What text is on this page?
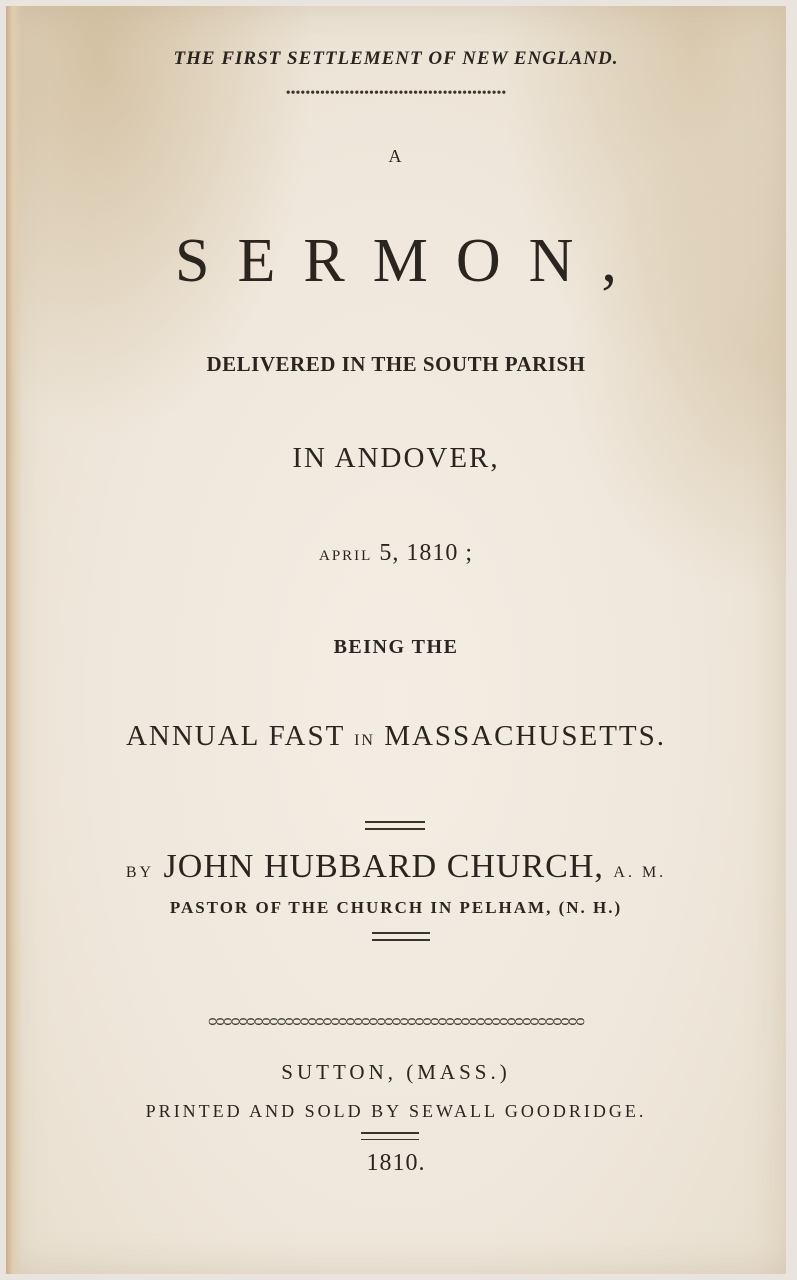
THE FIRST SETTLEMENT OF NEW ENGLAND.
•••••••••••••••••••••••••••••••••••••••••••••
A
SERMON,
DELIVERED IN THE SOUTH PARISH
IN ANDOVER,
APRIL 5, 1810 ;
BEING THE
ANNUAL FAST IN MASSACHUSETTS.
BY JOHN HUBBARD CHURCH, A. M.
PASTOR OF THE CHURCH IN PELHAM, (N. H.)
ᴑᴑᴑᴑᴑᴑᴑᴑᴑᴑᴑᴑᴑᴑᴑᴑᴑᴑᴑᴑᴑᴑᴑᴑᴑᴑᴑᴑᴑᴑᴑᴑᴑᴑᴑᴑᴑᴑᴑᴑᴑᴑᴑᴑᴑᴑᴑᴑᴑ
SUTTON, (MASS.)
PRINTED AND SOLD BY SEWALL GOODRIDGE.
1810.
